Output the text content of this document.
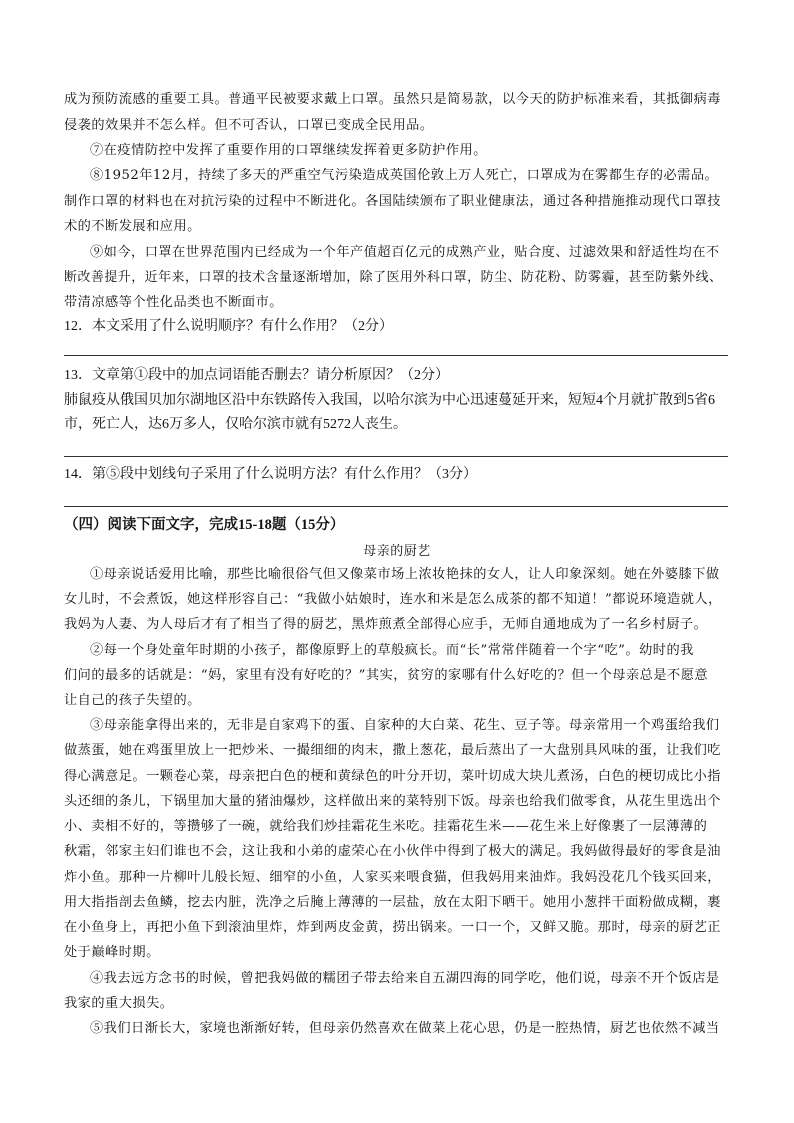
成为预防流感的重要工具。普通平民被要求戴上口罩。虽然只是简易款，以今天的防护标准来看，其抵御病毒
侵袭的效果并不怎么样。但不可否认，口罩已变成全民用品。
⑦在疫情防控中发挥了重要作用的口罩继续发挥着更多防护作用。
⑧1952年12月，持续了多天的严重空气污染造成英国伦敦上万人死亡，口罩成为在雾都生存的必需品。
制作口罩的材料也在对抗污染的过程中不断进化。各国陆续颁布了职业健康法，通过各种措施推动现代口罩技
术的不断发展和应用。
⑨如今，口罩在世界范围内已经成为一个年产值超百亿元的成熟产业，贴合度、过滤效果和舒适性均在不
断改善提升，近年来，口罩的技术含量逐渐增加，除了医用外科口罩，防尘、防花粉、防雾霾，甚至防紫外线、
带清凉感等个性化品类也不断面市。
12．本文采用了什么说明顺序？有什么作用？（2分）
13．文章第①段中的加点词语能否删去？请分析原因？（2分）
肺鼠疫从俄国贝加尔湖地区沿中东铁路传入我国，以哈尔滨为中心迅速蔓延开来，短短4个月就扩散到5省6
市，死亡人，达6万多人，仅哈尔滨市就有5272人丧生。
14．第⑤段中划线句子采用了什么说明方法？有什么作用？（3分）
（四）阅读下面文字，完成15-18题（15分）
母亲的厨艺
①母亲说话爱用比喻，那些比喻很俗气但又像菜市场上浓妆艳抹的女人，让人印象深刻。她在外婆膝下做
女儿时，不会煮饭，她这样形容自己：“我做小姑娘时，连水和米是怎么成茶的都不知道！”都说环境造就人，
我妈为人妻、为人母后才有了相当了得的厨艺，黑炸煎煮全部得心应手，无师自通地成为了一名乡村厨子。
②每一个身处童年时期的小孩子，都像原野上的草般疯长。而“长”常常伴随着一个字“吃”。幼时的我
们问的最多的话就是：“妈，家里有没有好吃的？”其实，贫穷的家哪有什么好吃的？但一个母亲总是不愿意
让自己的孩子失望的。
③母亲能拿得出来的，无非是自家鸡下的蛋、自家种的大白菜、花生、豆子等。母亲常用一个鸡蛋给我们
做蒸蛋，她在鸡蛋里放上一把炒米、一撮细细的肉末，撒上葱花，最后蒸出了一大盘别具风味的蛋，让我们吃
得心满意足。一颗卷心菜，母亲把白色的梗和黄绿色的叶分开切，菜叶切成大块儿煮汤，白色的梗切成比小指
头还细的条儿，下锅里加大量的猪油爆炒，这样做出来的菜特别下饭。母亲也给我们做零食，从花生里选出个
小、卖相不好的，等攒够了一碗，就给我们炒挂霜花生米吃。挂霜花生米——花生米上好像裹了一层薄薄的
秋霜，邻家主妇们谁也不会，这让我和小弟的虚荣心在小伙伴中得到了极大的满足。我妈做得最好的零食是油
炸小鱼。那种一片柳叶儿般长短、细窄的小鱼，人家买来喂食猫，但我妈用来油炸。我妈没花几个钱买回来，
用大指指剖去鱼鳞，挖去内脏，洗净之后腌上薄薄的一层盐，放在太阳下晒干。她用小葱拌干面粉做成糊，裹
在小鱼身上，再把小鱼下到滚油里炸，炸到两皮金黄，捞出锅来。一口一个，又鲜又脆。那时，母亲的厨艺正
处于巅峰时期。
④我去远方念书的时候，曾把我妈做的糯团子带去给来自五湖四海的同学吃，他们说，母亲不开个饭店是
我家的重大损失。
⑤我们日渐长大，家境也渐渐好转，但母亲仍然喜欢在做菜上花心思，仍是一腔热情，厨艺也依然不减当
